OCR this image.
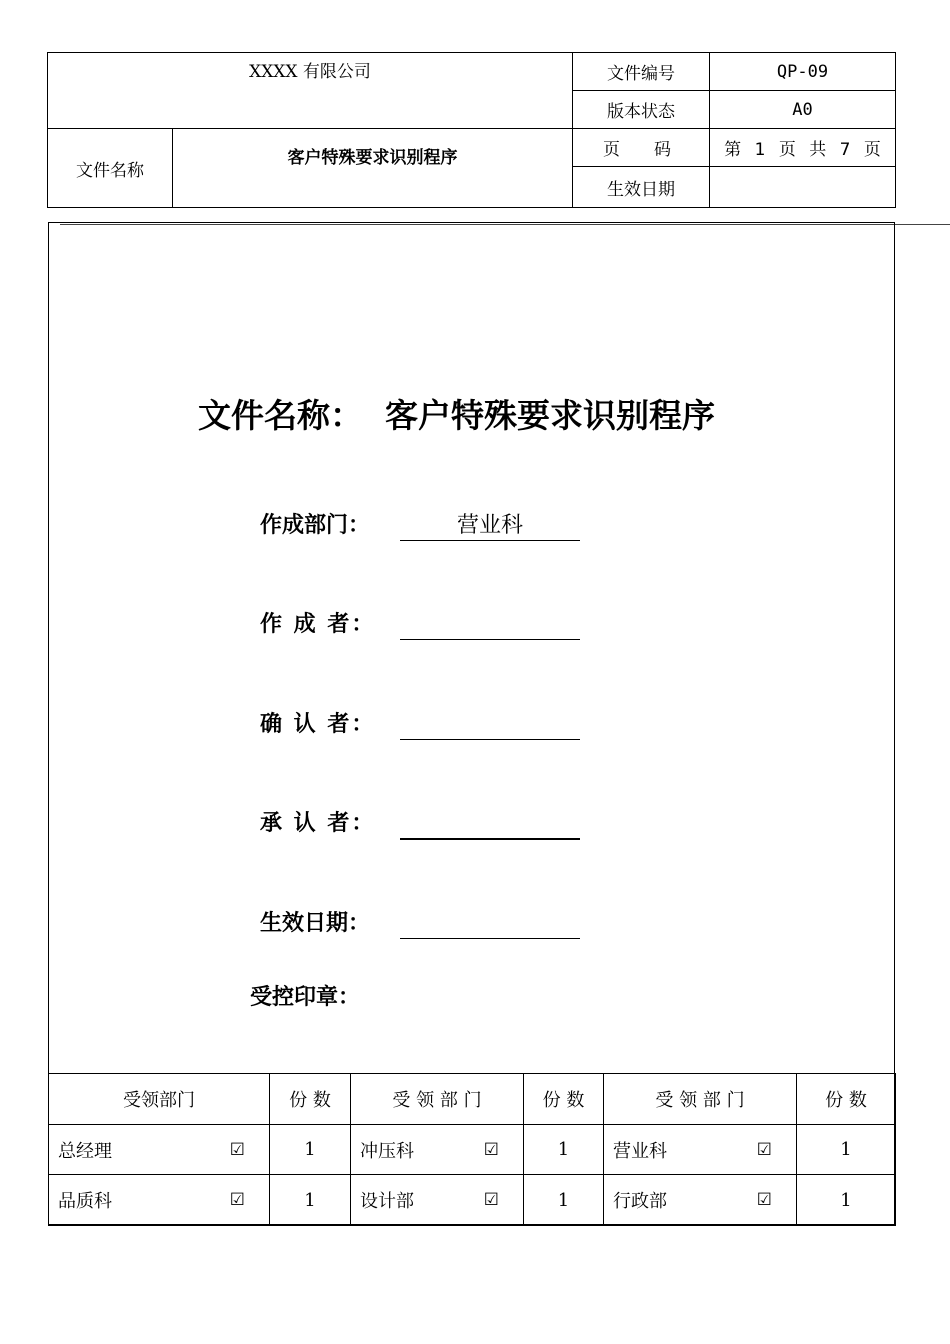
XXXX 有限公司		文件编号	QP-09
		版本状态	A0
文件名称	客户特殊要求识别程序	页　　码	第 1 页 共 7 页
		生效日期	
文件名称： 客户特殊要求识别程序
作成部门：	营业科
作 成 者：
确 认 者：
承 认 者：
生效日期：
受控印章：
受领部门	份 数	受 领 部 门	份 数	受 领 部 门	份 数
总经理 ☑	1	冲压科 ☑	1	营业科 ☑	1
品质科 ☑	1	设计部 ☑	1	行政部 ☑	1
